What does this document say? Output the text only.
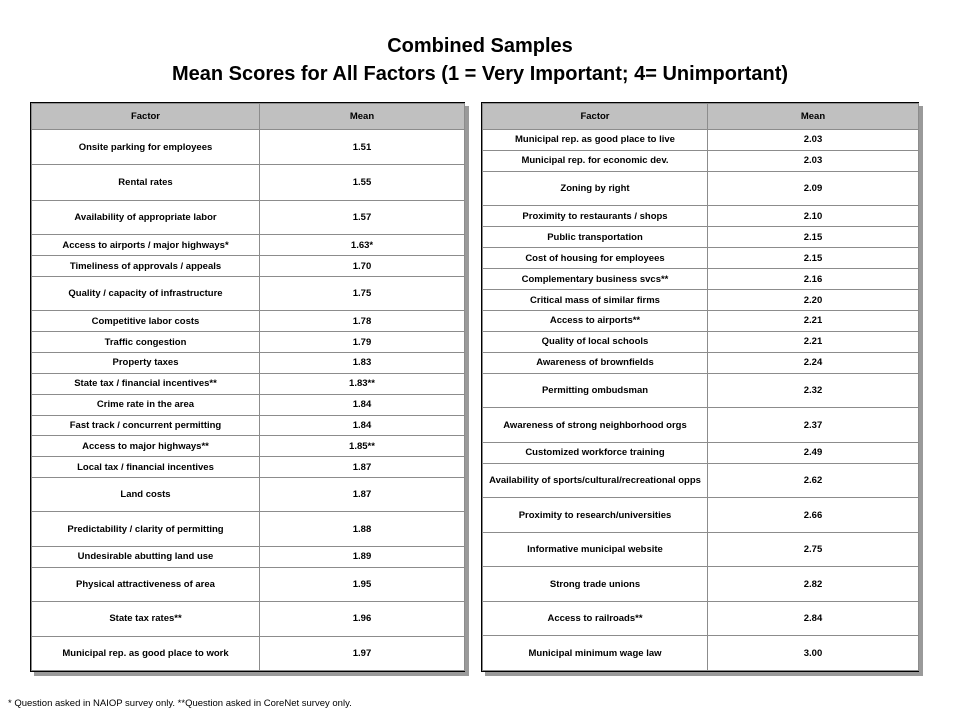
Combined Samples
Mean Scores for All Factors (1 = Very Important; 4= Unimportant)
Factor	Mean
Onsite parking for employees	1.51
Rental rates	1.55
Availability of appropriate labor	1.57
Access to airports / major highways*	1.63*
Timeliness of approvals / appeals	1.70
Quality / capacity of infrastructure	1.75
Competitive labor costs	1.78
Traffic congestion	1.79
Property taxes	1.83
State tax / financial incentives**	1.83**
Crime rate in the area	1.84
Fast track / concurrent permitting	1.84
Access to major highways**	1.85**
Local tax / financial incentives	1.87
Land costs	1.87
Predictability / clarity of permitting	1.88
Undesirable abutting land use	1.89
Physical attractiveness of area	1.95
State tax rates**	1.96
Municipal rep. as good place to work	1.97
Factor	Mean
Municipal rep. as good place to live	2.03
Municipal rep. for economic dev.	2.03
Zoning by right	2.09
Proximity to restaurants / shops	2.10
Public transportation	2.15
Cost of housing for employees	2.15
Complementary business svcs**	2.16
Critical mass of similar firms	2.20
Access to airports**	2.21
Quality of local schools	2.21
Awareness of brownfields	2.24
Permitting ombudsman	2.32
Awareness of strong neighborhood orgs	2.37
Customized workforce training	2.49
Availability of sports/cultural/recreational opps	2.62
Proximity to research/universities	2.66
Informative municipal website	2.75
Strong trade unions	2.82
Access to railroads**	2.84
Municipal minimum wage law	3.00
* Question asked in NAIOP survey only. **Question asked in CoreNet survey only.
